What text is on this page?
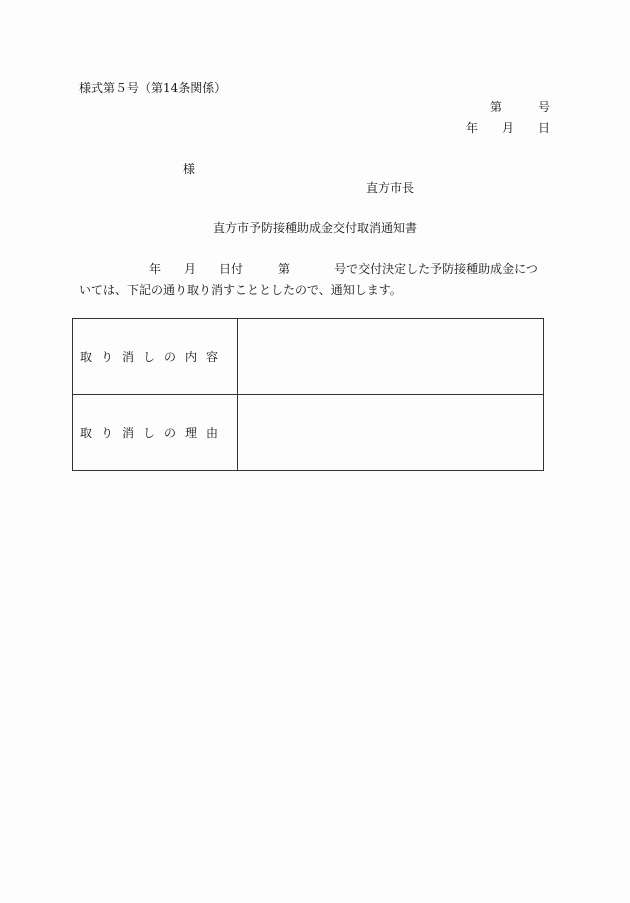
様式第５号（第14条関係）
第　　　号
年　　月　　日
様
直方市長
直方市予防接種助成金交付取消通知書
年 月 日付	第	号で交付決定した予防接種助成金につ
いては、下記の通り取り消すこととしたので、通知します。
取り消しの内容	
取り消しの理由	
